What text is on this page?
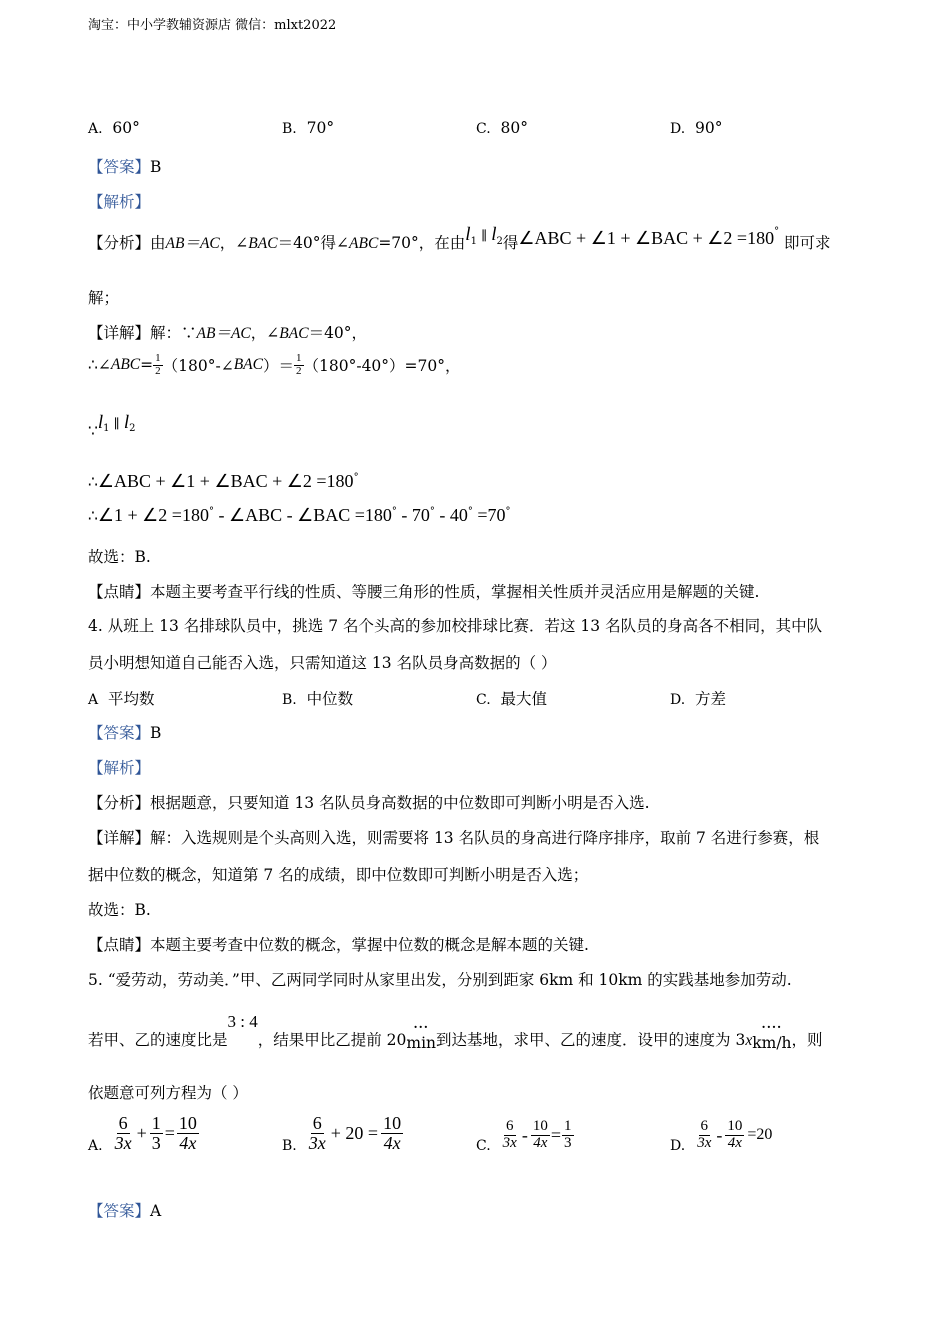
淘宝：中小学教辅资源店 微信：mlxt2022
A. 60°	B. 70°	C. 80°	D. 90°
【答案】B
【解析】
【分析】由AB＝AC，∠BAC＝40°得∠ABC=70°，在由$l^1$ ∥ $l^2$得∠ABC + ∠1 + ∠BAC + ∠2 =180° 即可求
解；
【详解】解：∵AB＝AC，∠BAC＝40°，
∴∠ ABC = $\frac{1}{2}$ （180°-∠ BAC ）＝ $\frac{1}{2} (180^\circ-40^\circ)=70^\circ$，
$\because l_1$ ∥ $l_2$
∴∠ABC + ∠1 + ∠BAC + ∠2 =180°
∴∠1 + ∠2 =180° - ∠ABC - ∠BAC =180° - 70° - 40° =70°
故选：B.
【点睛】本题主要考查平行线的性质、等腰三角形的性质，掌握相关性质并灵活应用是解题的关键.
4. 从班上 13 名排球队员中，挑选 7 名个头高的参加校排球比赛．若这 13 名队员的身高各不相同，其中队
员小明想知道自己能否入选，只需知道这 13 名队员身高数据的（ ）
A 平均数	B. 中位数	C. 最大值	D. 方差
【答案】B
【解析】
【分析】根据题意，只要知道 13 名队员身高数据的中位数即可判断小明是否入选.
【详解】解：入选规则是个头高则入选，则需要将 13 名队员的身高进行降序排序，取前 7 名进行参赛，根
据中位数的概念，知道第 7 名的成绩，即中位数即可判断小明是否入选；
故选：B.
【点睛】本题主要考查中位数的概念，掌握中位数的概念是解本题的关键.
5. “爱劳动，劳动美．”甲、乙两同学同时从家里出发，分别到距家 6km 和 10km 的实践基地参加劳动.
若甲、乙的速度比是
3 : 4
，结果甲比乙提前 20
···
min 到达基地，求甲、乙的速度．设甲的速度为 3 x
····
km/h ，则
依题意可列方程为（ ）
A. $\frac{6}{3x} + \frac{1}{3} = \frac{10}{4x}$	B. $\frac{6}{3x} + 20 = \frac{10}{4x}$	C. $\frac{6}{3x} - \frac{10}{4x} = \frac{1}{3}$	D. $\frac{6}{3x} - \frac{10}{4x} =20$
【答案】A
